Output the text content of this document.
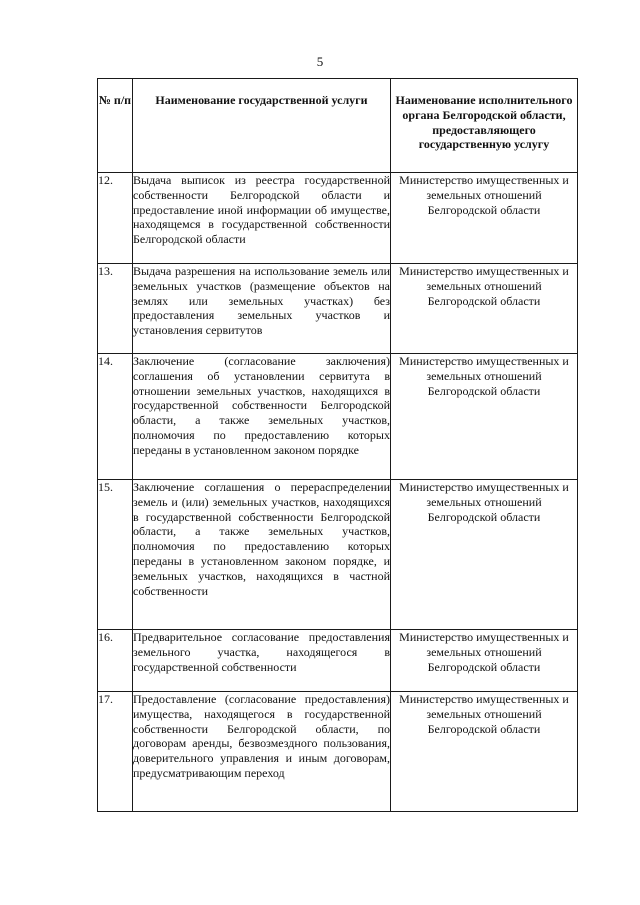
5
№ п/п	Наименование государственной услуги	Наименование исполнительного органа Белгородской области, предоставляющего государственную услугу
12.	Выдача выписок из реестра государственной собственности Белгородской области и предоставление иной информации об имуществе, находящемся в государственной собственности Белгородской области	Министерство имущественных и земельных отношений Белгородской области
13.	Выдача разрешения на использование земель или земельных участков (размещение объектов на землях или земельных участках) без предоставления земельных участков и установления сервитутов	Министерство имущественных и земельных отношений Белгородской области
14.	Заключение (согласование заключения) соглашения об установлении сервитута в отношении земельных участков, находящихся в государственной собственности Белгородской области, а также земельных участков, полномочия по предоставлению которых переданы в установленном законом порядке	Министерство имущественных и земельных отношений Белгородской области
15.	Заключение соглашения о перераспределении земель и (или) земельных участков, находящихся в государственной собственности Белгородской области, а также земельных участков, полномочия по предоставлению которых переданы в установленном законом порядке, и земельных участков, находящихся в частной собственности	Министерство имущественных и земельных отношений Белгородской области
16.	Предварительное согласование предоставления земельного участка, находящегося в государственной собственности	Министерство имущественных и земельных отношений Белгородской области
17.	Предоставление (согласование предоставления) имущества, находящегося в государственной собственности Белгородской области, по договорам аренды, безвозмездного пользования, доверительного управления и иным договорам, предусматривающим переход	Министерство имущественных и земельных отношений Белгородской области
